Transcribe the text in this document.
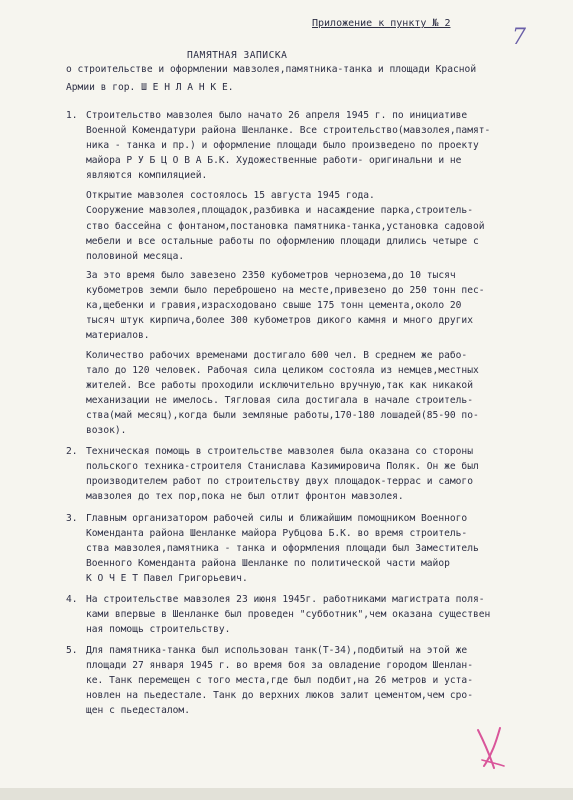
Приложение к пункту № 2
7
ПАМЯТНАЯ ЗАПИСКА
о строительстве и оформлении мавзолея,памятника-танка и площади Красной
Армии в гор. Ш Е Н Л А Н К Е.
1. Строительство мавзолея было начато 26 апреля 1945 г. по инициативе
Военной Комендатури района Шенланке. Все строительство(мавзолея,памят-
ника - танка и пр.) и оформление площади было произведено по проекту
майора Р У Б Ц О В А Б.К. Художественные работи- оригинальни и не
являются компиляцией.
Открытие мавзолея состоялось 15 августа 1945 года.
Сооружение мавзолея,площадок,разбивка и насаждение парка,строитель-
ство бассейна с фонтаном,постановка памятника-танка,установка садовой
мебели и все остальные работы по оформлению площади длились четыре с
половиной месяца.
За это время было завезено 2350 кубометров чернозема,до 10 тысяч
кубометров земли было переброшено на месте,привезено до 250 тонн пес-
ка,щебенки и гравия,израсходовано свыше 175 тонн цемента,около 20
тысяч штук кирпича,более 300 кубометров дикого камня и много других
материалов.
Количество рабочих временами достигало 600 чел. В среднем же рабо-
тало до 120 человек. Рабочая сила целиком состояла из немцев,местных
жителей. Все работы проходили исключительно вручную,так как никакой
механизации не имелось. Тягловая сила достигала в начале строитель-
ства(май месяц),когда были земляные работы,170-180 лошадей(85-90 по-
возок).
2. Техническая помощь в строительстве мавзолея была оказана со стороны
польского техника-строителя Станислава Казимировича Поляк. Он же был
производителем работ по строительству двух площадок-террас и самого
мавзолея до тех пор,пока не был отлит фронтон мавзолея.
3. Главным организатором рабочей силы и ближайшим помощником Военного
Коменданта района Шенланке майора Рубцова Б.К. во время строитель-
ства мавзолея,памятника - танка и оформления площади был Заместитель
Военного Коменданта района Шенланке по политической части майор
К О Ч Е Т Павел Григорьевич.
4. На строительстве мавзолея 23 июня 1945г. работниками магистрата поля-
ками впервые в Шенланке был проведен "субботник",чем оказана существен
ная помощь строительству.
5. Для памятника-танка был использован танк(Т-34),подбитый на этой же
площади 27 января 1945 г. во время боя за овладение городом Шенлан-
ке. Танк перемещен с того места,где был подбит,на 26 метров и уста-
новлен на пьедестале. Танк до верхних люков залит цементом,чем сро-
щен с пьедесталом.
